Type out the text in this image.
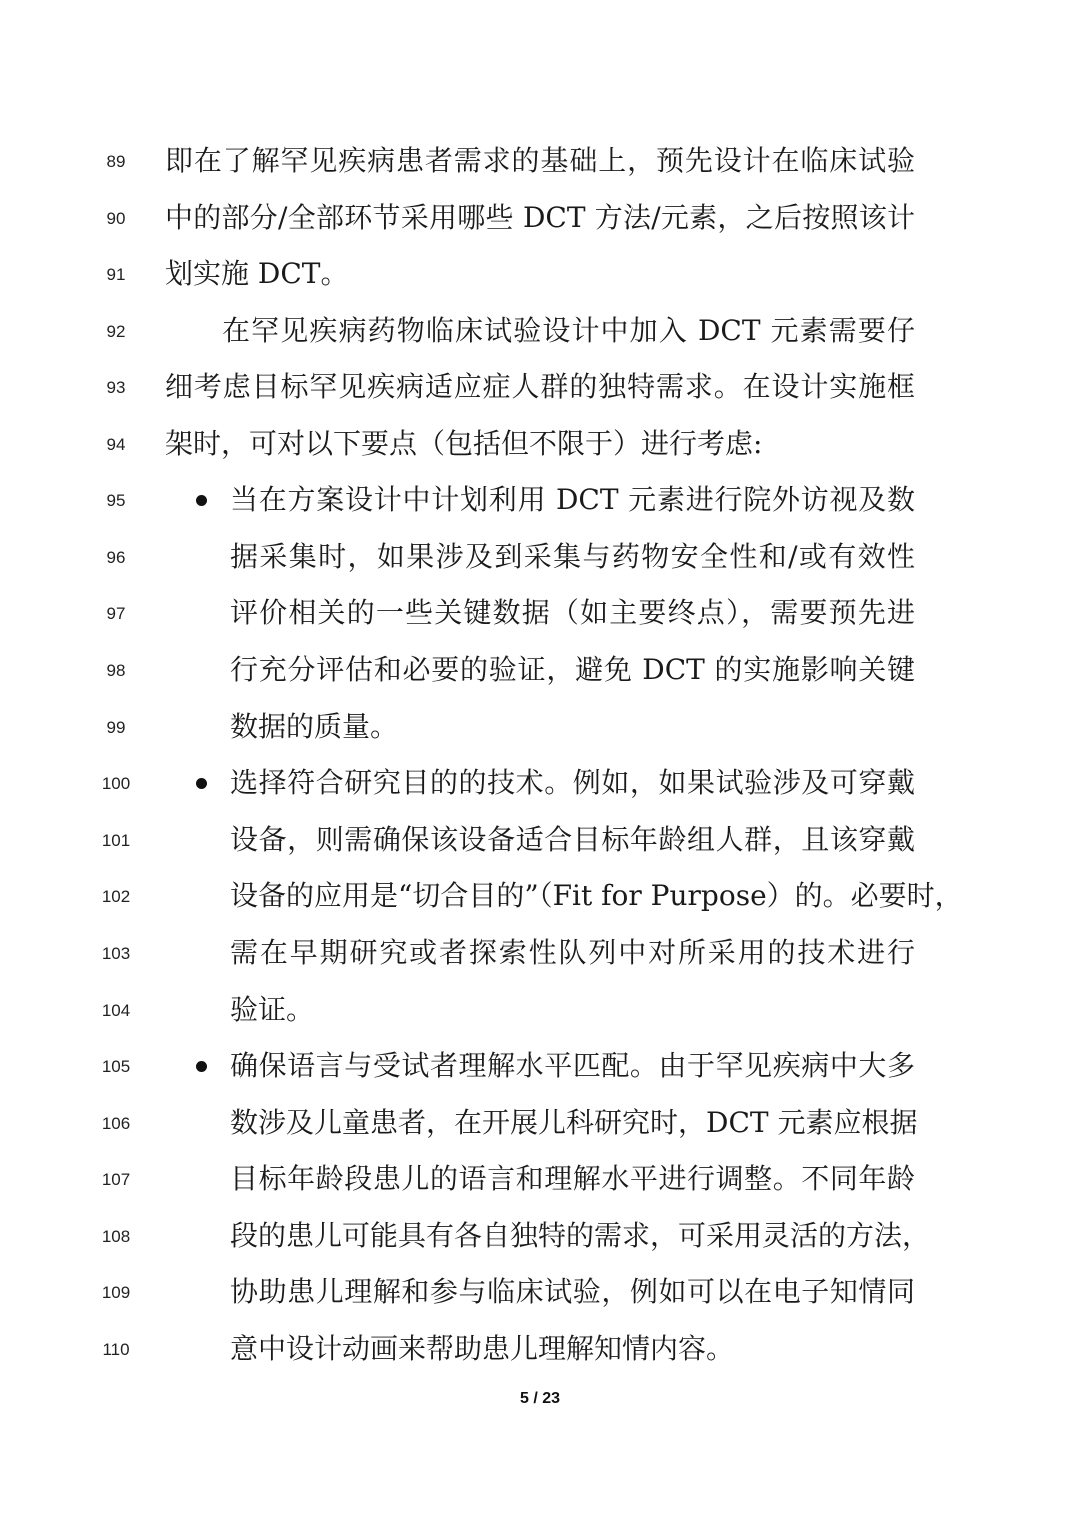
89	即在了解罕见疾病患者需求的基础上，预先设计在临床试验
90	中的部分/全部环节采用哪些 DCT 方法/元素，之后按照该计
91	划实施 DCT。
92	在罕见疾病药物临床试验设计中加入 DCT 元素需要仔
93	细考虑目标罕见疾病适应症人群的独特需求。在设计实施框
94	架时，可对以下要点（包括但不限于）进行考虑:
95	当在方案设计中计划利用 DCT 元素进行院外访视及数
96	据采集时，如果涉及到采集与药物安全性和/或有效性
97	评价相关的一些关键数据（如主要终点），需要预先进
98	行充分评估和必要的验证，避免 DCT 的实施影响关键
99	数据的质量。
100	选择符合研究目的的技术。例如，如果试验涉及可穿戴
101	设备，则需确保该设备适合目标年龄组人群，且该穿戴
102	设备的应用是“切合目的”（Fit for Purpose）的。必要时，
103	需在早期研究或者探索性队列中对所采用的技术进行
104	验证。
105	确保语言与受试者理解水平匹配。由于罕见疾病中大多
106	数涉及儿童患者，在开展儿科研究时，DCT 元素应根据
107	目标年龄段患儿的语言和理解水平进行调整。不同年龄
108	段的患儿可能具有各自独特的需求，可采用灵活的方法，
109	协助患儿理解和参与临床试验，例如可以在电子知情同
110	意中设计动画来帮助患儿理解知情内容。
5 / 23
